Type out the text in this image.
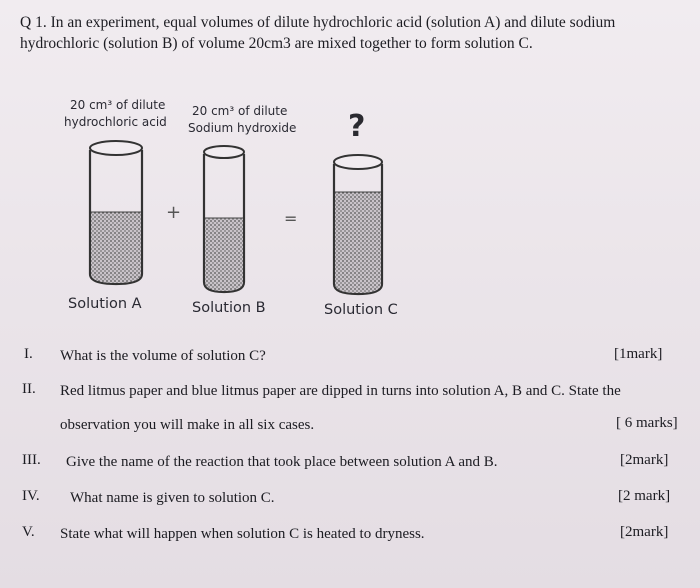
Q 1. In an experiment, equal volumes of dilute hydrochloric acid (solution A) and dilute sodium
hydrochloric (solution B) of volume 20cm3 are mixed together to form solution C.
20 cm³ of dilute
hydrochloric acid
20 cm³ of dilute
Sodium hydroxide
+	=
?
Solution A	Solution B	Solution C
I. What is the volume of solution C?	[1mark]
II. Red litmus paper and blue litmus paper are dipped in turns into solution A, B and C. State the
observation you will make in all six cases.	[ 6 marks]
III. Give the name of the reaction that took place between solution A and B.	[2mark]
IV. What name is given to solution C.	[2 mark]
V. State what will happen when solution C is heated to dryness.	[2mark]
